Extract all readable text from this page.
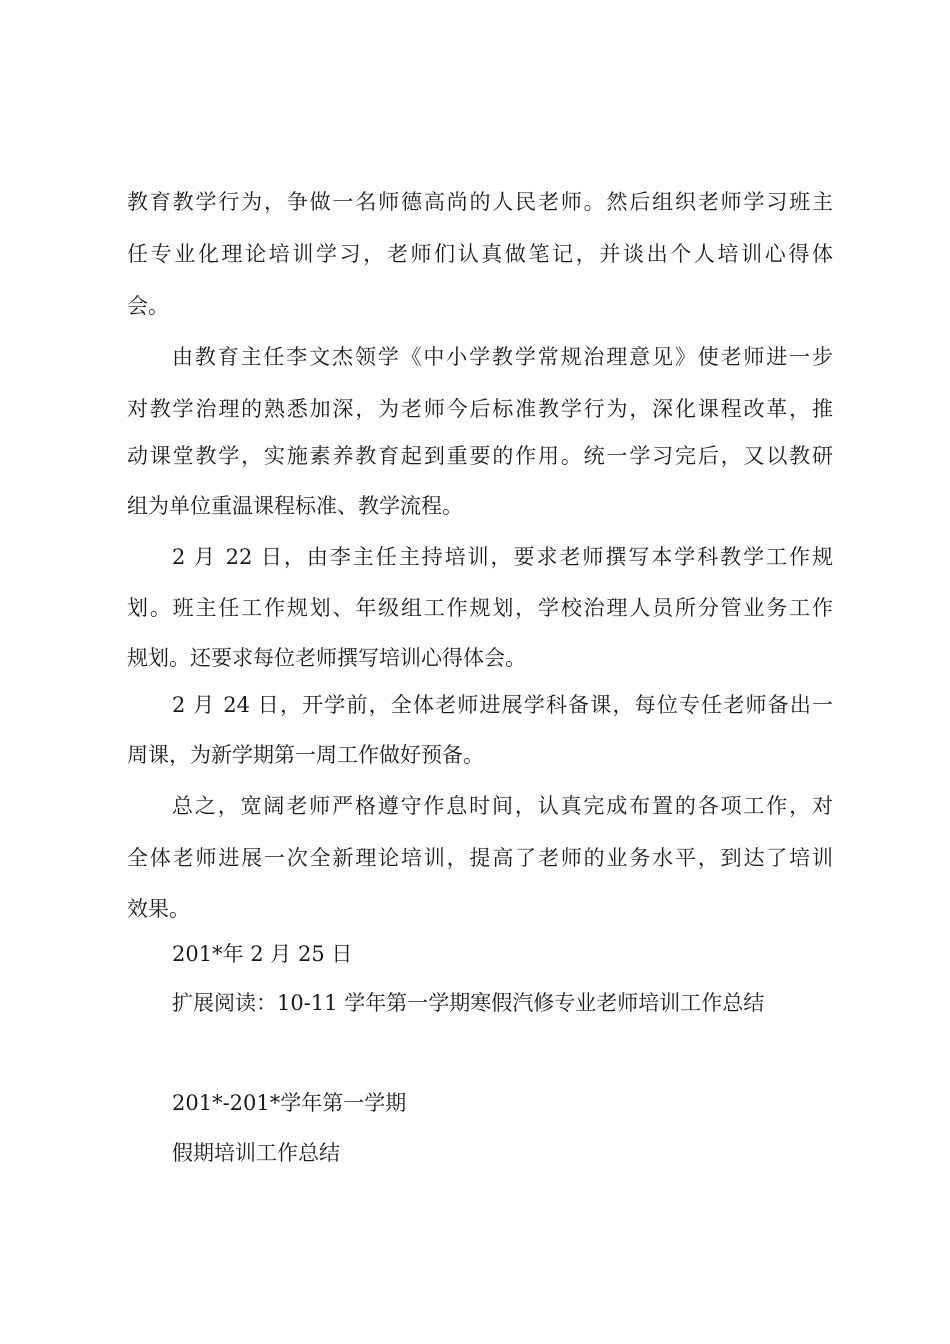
教育教学行为，争做一名师德高尚的人民老师。然后组织老师学习班主
任专业化理论培训学习，老师们认真做笔记，并谈出个人培训心得体
会。
由教育主任李文杰领学《中小学教学常规治理意见》使老师进一步
对教学治理的熟悉加深，为老师今后标准教学行为，深化课程改革，推
动课堂教学，实施素养教育起到重要的作用。统一学习完后，又以教研
组为单位重温课程标准、教学流程。
2 月 22 日，由李主任主持培训，要求老师撰写本学科教学工作规
划。班主任工作规划、年级组工作规划，学校治理人员所分管业务工作
规划。还要求每位老师撰写培训心得体会。
2 月 24 日，开学前，全体老师进展学科备课，每位专任老师备出一
周课，为新学期第一周工作做好预备。
总之，宽阔老师严格遵守作息时间，认真完成布置的各项工作，对
全体老师进展一次全新理论培训，提高了老师的业务水平，到达了培训
效果。
201*年 2 月 25 日
扩展阅读：10-11 学年第一学期寒假汽修专业老师培训工作总结
201*-201*学年第一学期
假期培训工作总结
